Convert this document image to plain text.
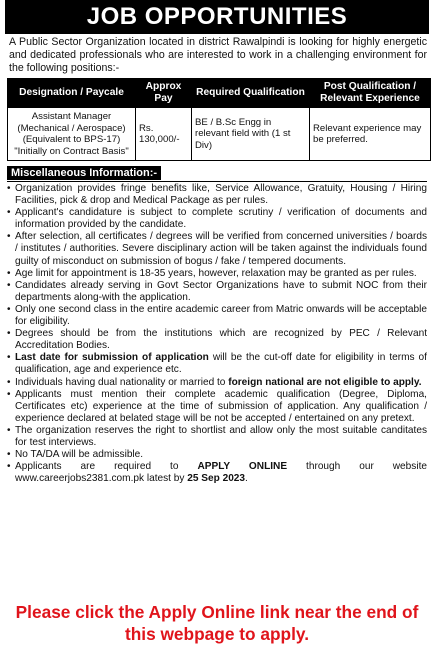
JOB OPPORTUNITIES

A Public Sector Organization located in district Rawalpindi is looking for highly energetic and dedicated professionals who are interested to work in a challenging environment for the following positions:-

Designation / Paycale	Approx Pay	Required Qualification	Post Qualification / Relevant Experience

Assistant Manager
(Mechanical / Aerospace)
(Equivalent to BPS-17)
"Initially on Contract Basis"	Rs. 130,000/-	BE / B.Sc Engg in relevant field with (1 st Div)	Relevant experience may be preferred.
Miscellaneous Information:-
• Organization provides fringe benefits like, Service Allowance, Gratuity, Housing / Hiring Facilities, pick & drop and Medical Package as per rules.
• Applicant's candidature is subject to complete scrutiny / verification of documents and information provided by the candidate.
• After selection, all certificates / degrees will be verified from concerned universities / boards / institutes / authorities. Severe disciplinary action will be taken against the individuals found guilty of misconduct on submission of bogus / fake / tempered documents.
• Age limit for appointment is 18-35 years, however, relaxation may be granted as per rules.
• Candidates already serving in Govt Sector Organizations have to submit NOC from their departments along-with the application.
• Only one second class in the entire academic career from Matric onwards will be acceptable for eligibility.
• Degrees should be from the institutions which are recognized by PEC / Relevant Accreditation Bodies.
• Last date for submission of application will be the cut-off date for eligibility in terms of qualification, age and experience etc.
• Individuals having dual nationality or married to foreign national are not eligible to apply.
• Applicants must mention their complete academic qualification (Degree, Diploma, Certificates etc) experience at the time of submission of application. Any qualification / experience declared at belated stage will be not be accepted / entertained on any pretext.
• The organization reserves the right to shortlist and allow only the most suitable canditates for test interviews.
• No TA/DA will be admissible.
• Applicants are required to APPLY ONLINE through our website www.careerjobs2381.com.pk latest by 25 Sep 2023.
Please click the Apply Online link near the end of this webpage to apply.
